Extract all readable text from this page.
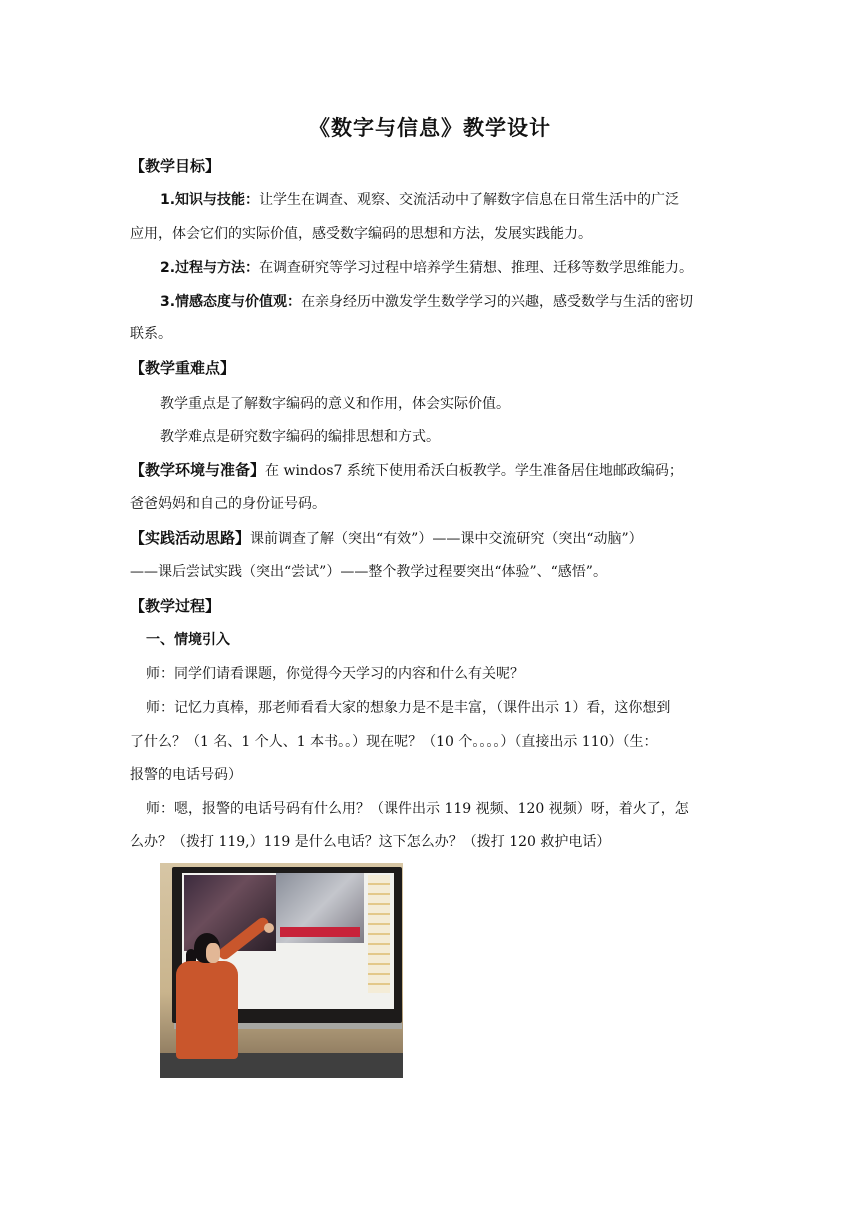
《数字与信息》教学设计
【教学目标】
1.知识与技能：让学生在调查、观察、交流活动中了解数字信息在日常生活中的广泛
应用，体会它们的实际价值，感受数字编码的思想和方法，发展实践能力。
2.过程与方法：在调查研究等学习过程中培养学生猜想、推理、迁移等数学思维能力。
3.情感态度与价值观：在亲身经历中激发学生数学学习的兴趣，感受数学与生活的密切
联系。
【教学重难点】
教学重点是了解数字编码的意义和作用，体会实际价值。
教学难点是研究数字编码的编排思想和方式。
【教学环境与准备】在 windos7 系统下使用希沃白板教学。学生准备居住地邮政编码；
爸爸妈妈和自己的身份证号码。
【实践活动思路】课前调查了解（突出“有效”）——课中交流研究（突出“动脑”）
——课后尝试实践（突出“尝试”）——整个教学过程要突出“体验”、“感悟”。
【教学过程】
一、情境引入
师：同学们请看课题，你觉得今天学习的内容和什么有关呢？
师：记忆力真棒，那老师看看大家的想象力是不是丰富，（课件出示 1）看，这你想到
了什么？（1 名、1 个人、1 本书。。）现在呢？（10 个。。。。）（直接出示 110）（生：
报警的电话号码）
师：嗯，报警的电话号码有什么用？（课件出示 119 视频、120 视频）呀，着火了，怎
么办？（拨打 119,）119 是什么电话？这下怎么办？（拨打 120 救护电话）
